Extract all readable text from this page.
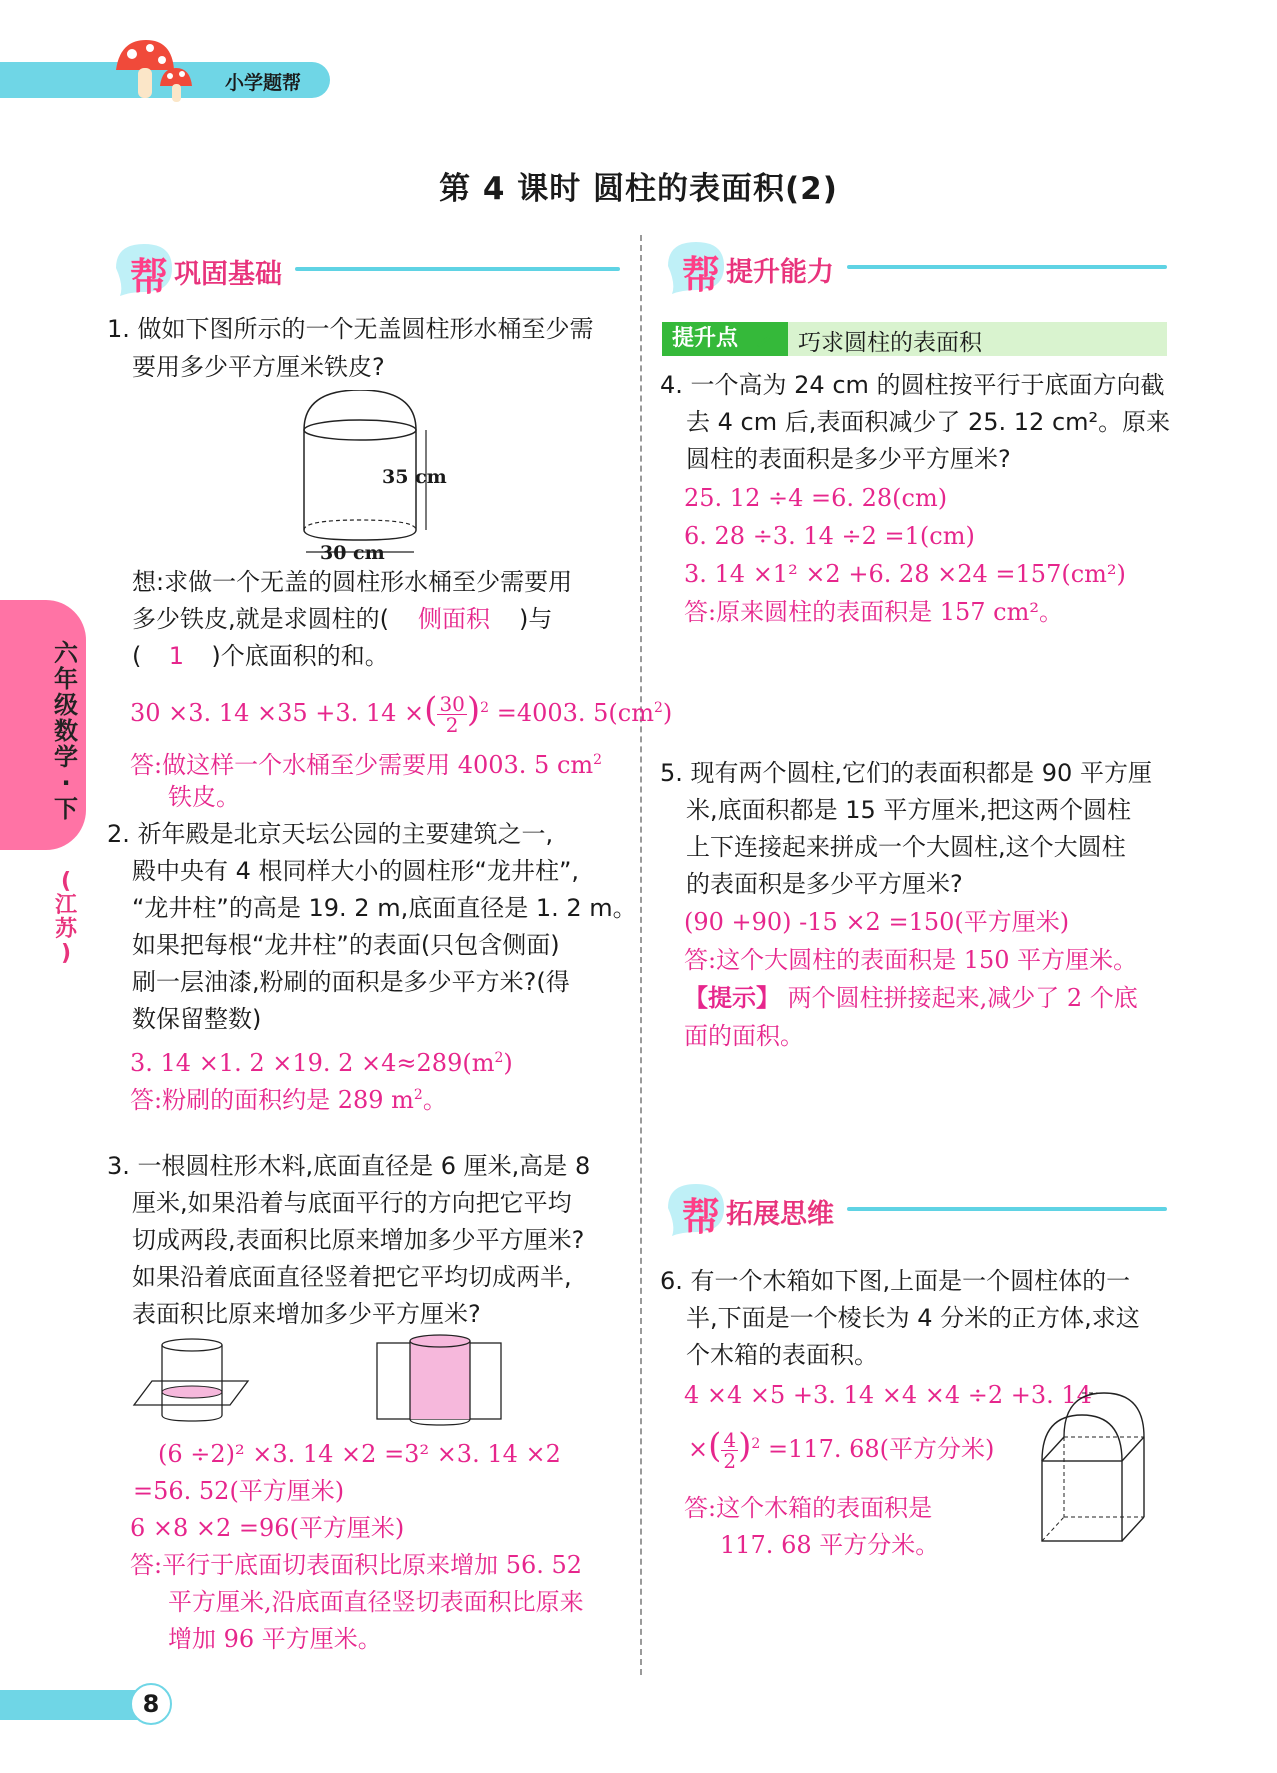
小学题帮
第 4 课时 圆柱的表面积(2)
六
年
级
数
学
·
下
(
江
苏
)
帮 巩固基础
1. 做如下图所示的一个无盖圆柱形水桶至少需
要用多少平方厘米铁皮?
35 cm
30 cm
想:求做一个无盖的圆柱形水桶至少需要用
多少铁皮,就是求圆柱的( 侧面积 )与
( 1 )个底面积的和。
30 ×3. 14 ×35 +3. 14 ×( $\frac{30}{2} )^2 =4003$. $5(cm^2)$
答:做这样一个水桶至少需要用 4003. 5 $cm^2$
铁皮。
2. 祈年殿是北京天坛公园的主要建筑之一,
殿中央有 4 根同样大小的圆柱形“龙井柱”,
“龙井柱”的高是 19. 2 m,底面直径是 1. 2 m。
如果把每根“龙井柱”的表面(只包含侧面)
刷一层油漆,粉刷的面积是多少平方米?(得
数保留整数)
3. 14 ×1. 2 ×19. $2 \times 4\approx 289(m^2)$
答:粉刷的面积约是 289 $m^2$。
3. 一根圆柱形木料,底面直径是 6 厘米,高是 8
厘米,如果沿着与底面平行的方向把它平均
切成两段,表面积比原来增加多少平方厘米?
如果沿着底面直径竖着把它平均切成两半,
表面积比原来增加多少平方厘米?
(6 ÷2)² ×3. 14 ×2 =3² ×3. 14 ×2
=56. 52(平方厘米)
6 ×8 ×2 =96(平方厘米)
答:平行于底面切表面积比原来增加 56. 52
平方厘米,沿底面直径竖切表面积比原来
增加 96 平方厘米。
帮 提升能力
提升点	巧求圆柱的表面积
4. 一个高为 24 cm 的圆柱按平行于底面方向截
去 4 cm 后,表面积减少了 25. 12 cm²。原来
圆柱的表面积是多少平方厘米?
25. 12 ÷4 =6. 28(cm)
6. 28 ÷3. 14 ÷2 =1(cm)
3. 14 ×1² ×2 +6. 28 ×24 =157(cm²)
答:原来圆柱的表面积是 157 cm²。
5. 现有两个圆柱,它们的表面积都是 90 平方厘
米,底面积都是 15 平方厘米,把这两个圆柱
上下连接起来拼成一个大圆柱,这个大圆柱
的表面积是多少平方厘米?
(90 +90) -15 ×2 =150(平方厘米)
答:这个大圆柱的表面积是 150 平方厘米。
【提示】 两个圆柱拼接起来,减少了 2 个底
面的面积。
帮 拓展思维
6. 有一个木箱如下图,上面是一个圆柱体的一
半,下面是一个棱长为 4 分米的正方体,求这
个木箱的表面积。
4 ×4 ×5 +3. 14 ×4 ×4 ÷2 +3. 14
×( $\frac{4}{2} )^2 =117$. 68(平方分米)
答:这个木箱的表面积是
117. 68 平方分米。
8
